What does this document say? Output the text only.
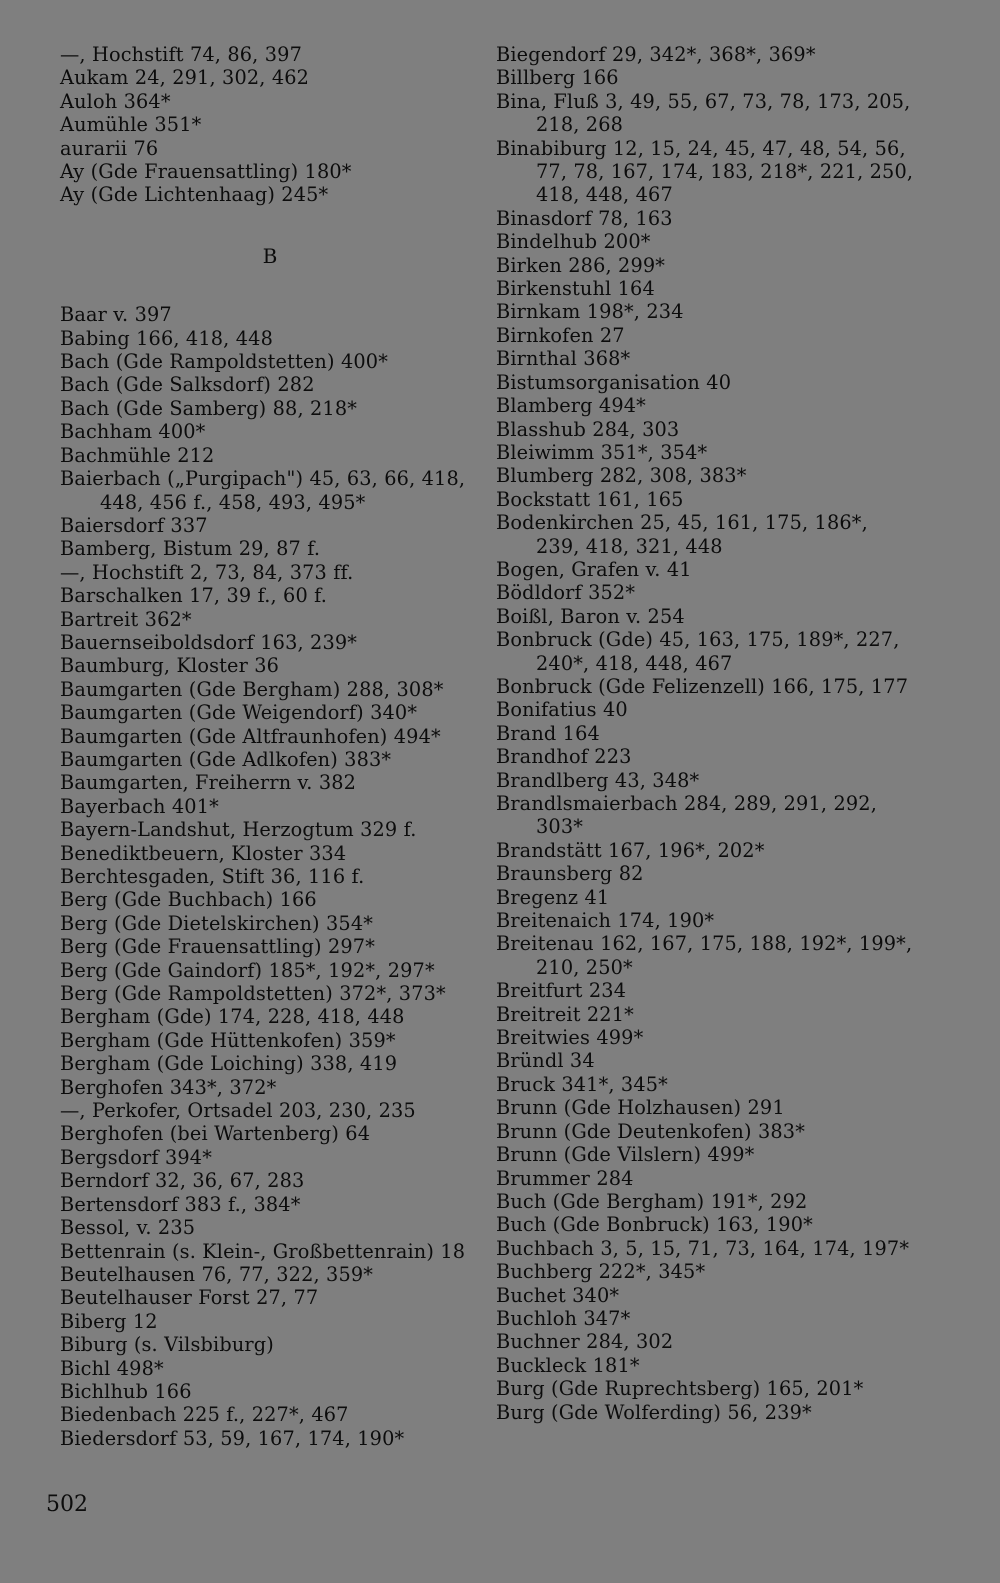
—, Hochstift 74, 86, 397
Aukam 24, 291, 302, 462
Auloh 364*
Aumühle 351*
aurarii 76
Ay (Gde Frauensattling) 180*
Ay (Gde Lichtenhaag) 245*
B
Baar v. 397
Babing 166, 418, 448
Bach (Gde Rampoldstetten) 400*
Bach (Gde Salksdorf) 282
Bach (Gde Samberg) 88, 218*
Bachham 400*
Bachmühle 212
Baierbach („Purgipach") 45, 63, 66, 418, 448, 456 f., 458, 493, 495*
Baiersdorf 337
Bamberg, Bistum 29, 87 f.
—, Hochstift 2, 73, 84, 373 ff.
Barschalken 17, 39 f., 60 f.
Bartreit 362*
Bauernseiboldsdorf 163, 239*
Baumburg, Kloster 36
Baumgarten (Gde Bergham) 288, 308*
Baumgarten (Gde Weigendorf) 340*
Baumgarten (Gde Altfraunhofen) 494*
Baumgarten (Gde Adlkofen) 383*
Baumgarten, Freiherrn v. 382
Bayerbach 401*
Bayern-Landshut, Herzogtum 329 f.
Benediktbeuern, Kloster 334
Berchtesgaden, Stift 36, 116 f.
Berg (Gde Buchbach) 166
Berg (Gde Dietelskirchen) 354*
Berg (Gde Frauensattling) 297*
Berg (Gde Gaindorf) 185*, 192*, 297*
Berg (Gde Rampoldstetten) 372*, 373*
Bergham (Gde) 174, 228, 418, 448
Bergham (Gde Hüttenkofen) 359*
Bergham (Gde Loiching) 338, 419
Berghofen 343*, 372*
—, Perkofer, Ortsadel 203, 230, 235
Berghofen (bei Wartenberg) 64
Bergsdorf 394*
Berndorf 32, 36, 67, 283
Bertensdorf 383 f., 384*
Bessol, v. 235
Bettenrain (s. Klein-, Großbettenrain) 18
Beutelhausen 76, 77, 322, 359*
Beutelhauser Forst 27, 77
Biberg 12
Biburg (s. Vilsbiburg)
Bichl 498*
Bichlhub 166
Biedenbach 225 f., 227*, 467
Biedersdorf 53, 59, 167, 174, 190*
Biegendorf 29, 342*, 368*, 369*
Billberg 166
Bina, Fluß 3, 49, 55, 67, 73, 78, 173, 205, 218, 268
Binabiburg 12, 15, 24, 45, 47, 48, 54, 56, 77, 78, 167, 174, 183, 218*, 221, 250, 418, 448, 467
Binasdorf 78, 163
Bindelhub 200*
Birken 286, 299*
Birkenstuhl 164
Birnkam 198*, 234
Birnkofen 27
Birnthal 368*
Bistumsorganisation 40
Blamberg 494*
Blasshub 284, 303
Bleiwimm 351*, 354*
Blumberg 282, 308, 383*
Bockstatt 161, 165
Bodenkirchen 25, 45, 161, 175, 186*, 239, 418, 321, 448
Bogen, Grafen v. 41
Bödldorf 352*
Boißl, Baron v. 254
Bonbruck (Gde) 45, 163, 175, 189*, 227, 240*, 418, 448, 467
Bonbruck (Gde Felizenzell) 166, 175, 177
Bonifatius 40
Brand 164
Brandhof 223
Brandlberg 43, 348*
Brandlsmaierbach 284, 289, 291, 292, 303*
Brandstätt 167, 196*, 202*
Braunsberg 82
Bregenz 41
Breitenaich 174, 190*
Breitenau 162, 167, 175, 188, 192*, 199*, 210, 250*
Breitfurt 234
Breitreit 221*
Breitwies 499*
Bründl 34
Bruck 341*, 345*
Brunn (Gde Holzhausen) 291
Brunn (Gde Deutenkofen) 383*
Brunn (Gde Vilslern) 499*
Brummer 284
Buch (Gde Bergham) 191*, 292
Buch (Gde Bonbruck) 163, 190*
Buchbach 3, 5, 15, 71, 73, 164, 174, 197*
Buchberg 222*, 345*
Buchet 340*
Buchloh 347*
Buchner 284, 302
Buckleck 181*
Burg (Gde Ruprechtsberg) 165, 201*
Burg (Gde Wolferding) 56, 239*
502
